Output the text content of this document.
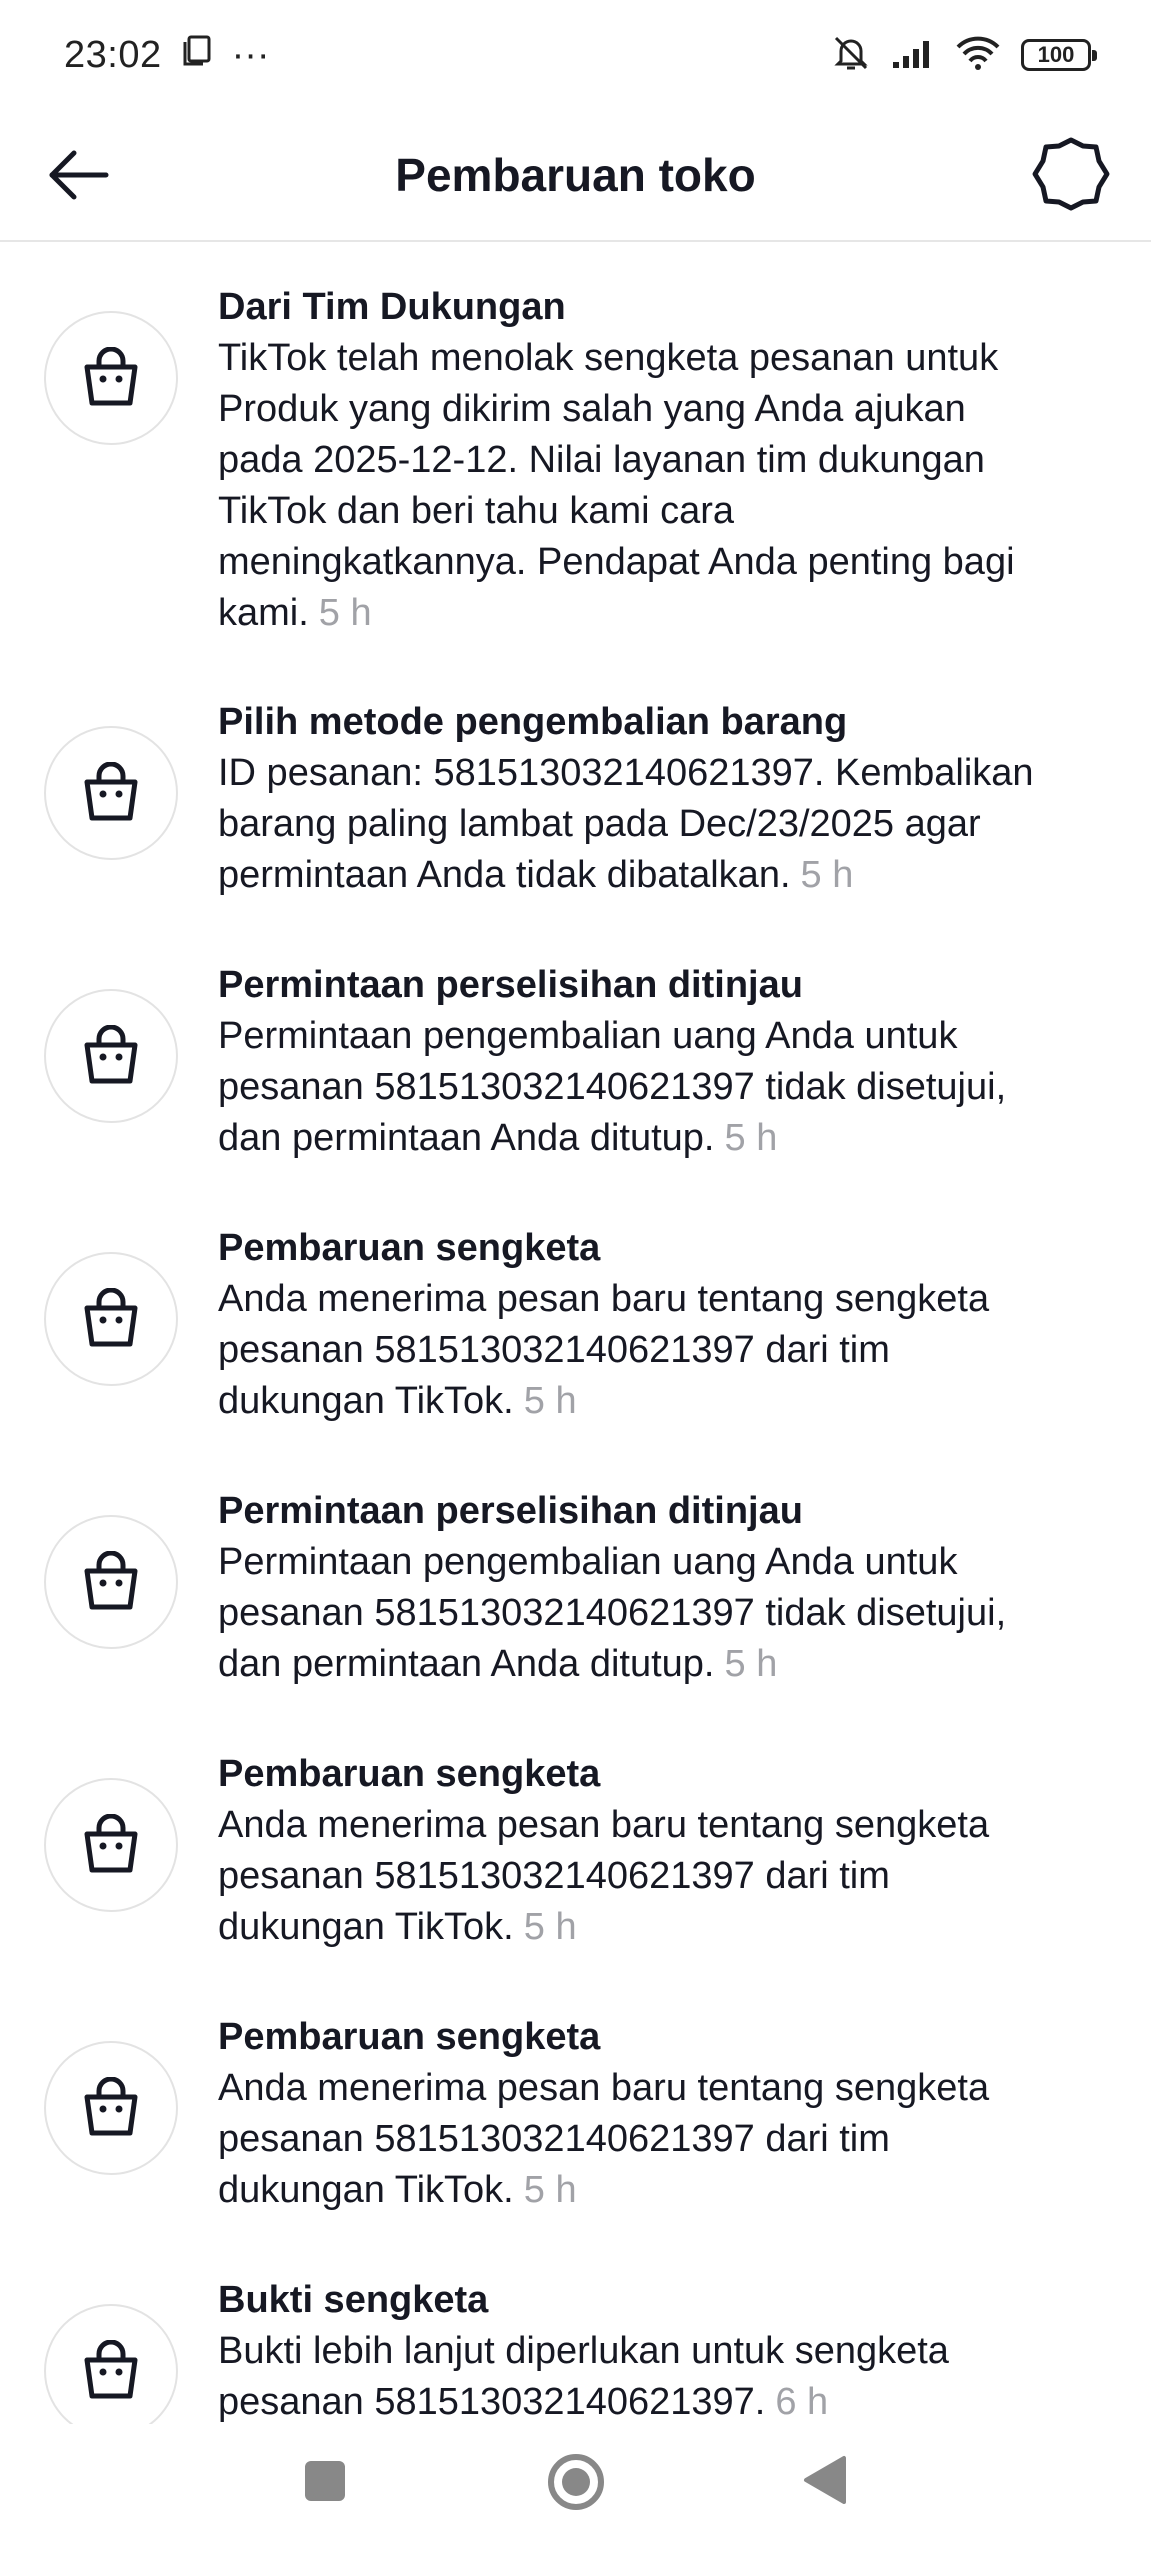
23:02 ···	100
Pembaruan toko
Dari Tim Dukungan
TikTok telah menolak sengketa pesanan untuk
Produk yang dikirim salah yang Anda ajukan
pada 2025-12-12. Nilai layanan tim dukungan
TikTok dan beri tahu kami cara
meningkatkannya. Pendapat Anda penting bagi
kami. 5 h
Pilih metode pengembalian barang
ID pesanan: 581513032140621397. Kembalikan
barang paling lambat pada Dec/23/2025 agar
permintaan Anda tidak dibatalkan. 5 h
Permintaan perselisihan ditinjau
Permintaan pengembalian uang Anda untuk
pesanan 581513032140621397 tidak disetujui,
dan permintaan Anda ditutup. 5 h
Pembaruan sengketa
Anda menerima pesan baru tentang sengketa
pesanan 581513032140621397 dari tim
dukungan TikTok. 5 h
Permintaan perselisihan ditinjau
Permintaan pengembalian uang Anda untuk
pesanan 581513032140621397 tidak disetujui,
dan permintaan Anda ditutup. 5 h
Pembaruan sengketa
Anda menerima pesan baru tentang sengketa
pesanan 581513032140621397 dari tim
dukungan TikTok. 5 h
Pembaruan sengketa
Anda menerima pesan baru tentang sengketa
pesanan 581513032140621397 dari tim
dukungan TikTok. 5 h
Bukti sengketa
Bukti lebih lanjut diperlukan untuk sengketa
pesanan 581513032140621397. 6 h
